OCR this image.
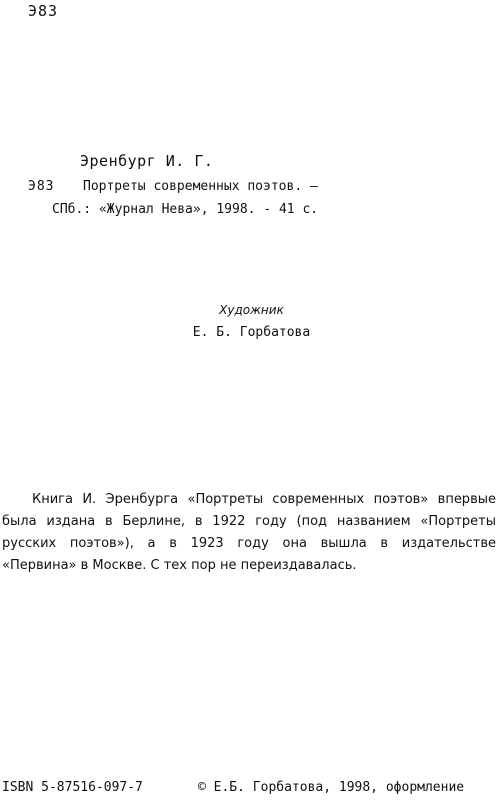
Э83
Эренбург И. Г.
Э83 Портреты современных поэтов. —
СПб.: «Журнал Нева», 1998. - 41 с.
Художник
Е. Б. Горбатова
Книга И. Эренбурга «Портреты современных поэтов» впервые
была издана в Берлине, в 1922 году (под названием «Портреты
русских поэтов»), а в 1923 году она вышла в издательстве
«Первина» в Москве. С тех пор не переиздавалась.
ISBN 5-87516-097-7	© Е.Б. Горбатова, 1998, оформление
